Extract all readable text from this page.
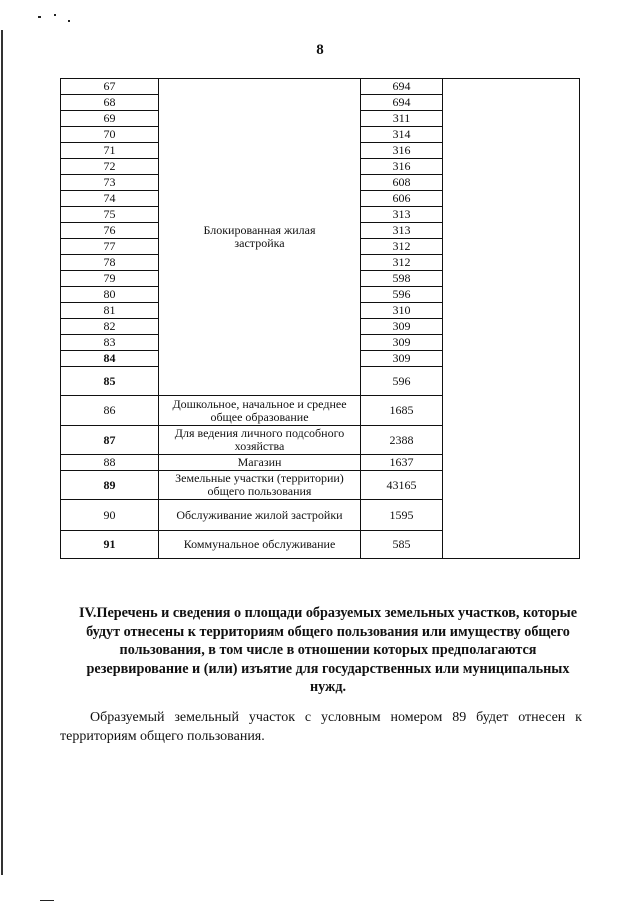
8
67	Блокированная жилая застройка	694	
68		694	
69		311	
70		314	
71		316	
72		316	
73		608	
74		606	
75		313	
76		313	
77		312	
78		312	
79		598	
80		596	
81		310	
82		309	
83		309	
84		309	
85		596	
86	Дошкольное, начальное и среднее общее образование	1685	
87	Для ведения личного подсобного хозяйства	2388	
88	Магазин	1637	
89	Земельные участки (территории) общего пользования	43165	
90	Обслуживание жилой застройки	1595	
91	Коммунальное обслуживание	585	
IV.Перечень и сведения о площади образуемых земельных участков, которые будут отнесены к территориям общего пользования или имуществу общего пользования, в том числе в отношении которых предполагаются резервирование и (или) изъятие для государственных или муниципальных нужд.
Образуемый земельный участок с условным номером 89 будет отнесен к территориям общего пользования.
